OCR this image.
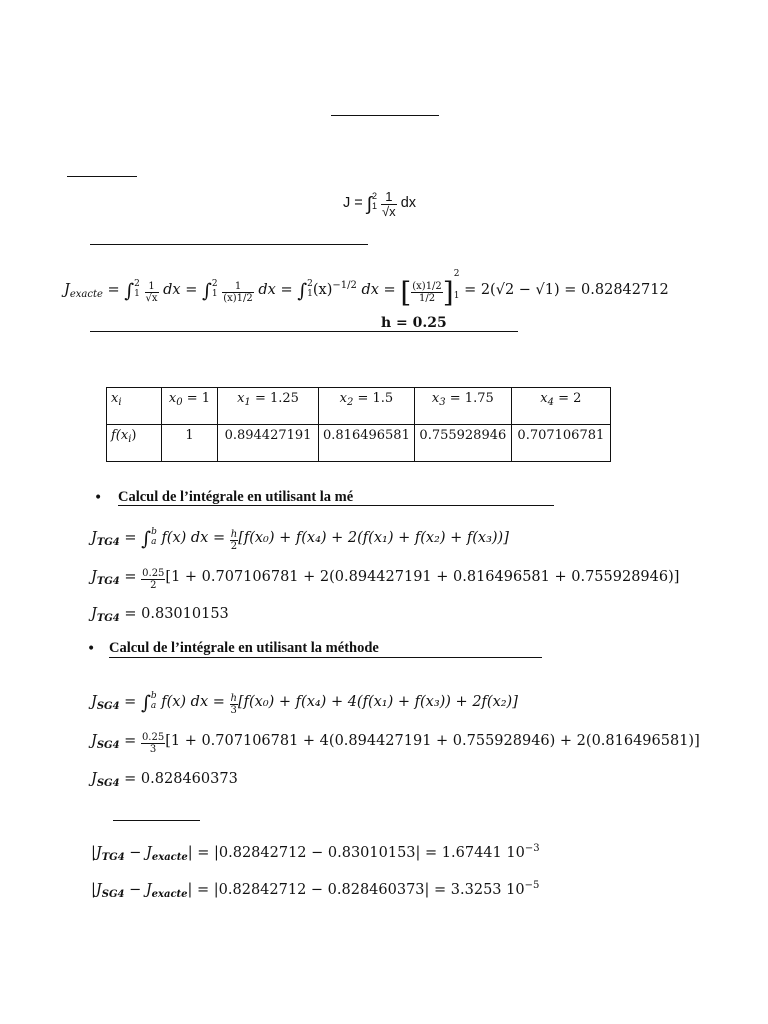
J = ∫2
$1 \frac{1}{√x}$ dx
$J_{exacte} = \int 2$
$1 \frac{1}{√x}$ dx = ∫2
$1 \frac{1}{(x)1/2}$ dx = ∫2
$1(x)^{-1/2}$ dx = [ $\frac{(x)1/2}{1/2} ]2$
1 = 2(√2 − √1) = 0.82842712
h = 0.25
$x_i$	$x_0 = 1$	$x_1 = 1.25$	$x_2 = 1.5$	$x_3 = 1.75$	$x_4 = 2$
$f(x_i)$	1	0.894427191	0.816496581	0.755928946	0.707106781
• Calcul de l’intégrale en utilisant la mé
$J_{TG4} = \int b$
a f(x) dx = $\frac{h}{2} [f(x_0) + f(x_4) + 2(f(x_1) + f(x_2) + f(x_3))]$
$J_{TG4} = \frac{0.25}{2} [1 + 0.707106781 + 2(0.894427191 + 0.816496581 + 0.755928946)]$
$J_{TG4} = 0.83010153$
• Calcul de l’intégrale en utilisant la méthode
$J_{SG4} = \int b$
a f(x) dx = $\frac{h}{3} [f(x_0) + f(x_4) + 4(f(x_1) + f(x_3)) + 2f(x_2)]$
$J_{SG4} = \frac{0.25}{3} [1 + 0.707106781 + 4(0.894427191 + 0.755928946) + 2(0.816496581)]$
$J_{SG4} = 0.828460373$
$|J_{TG4} - J_{exacte}| = |0.82842712 - 0.83010153| = 1.67441$ $10^{-3}$
$|J_{SG4} - J_{exacte}| = |0.82842712 - 0.828460373| = 3.3253$ $10^{-5}$
